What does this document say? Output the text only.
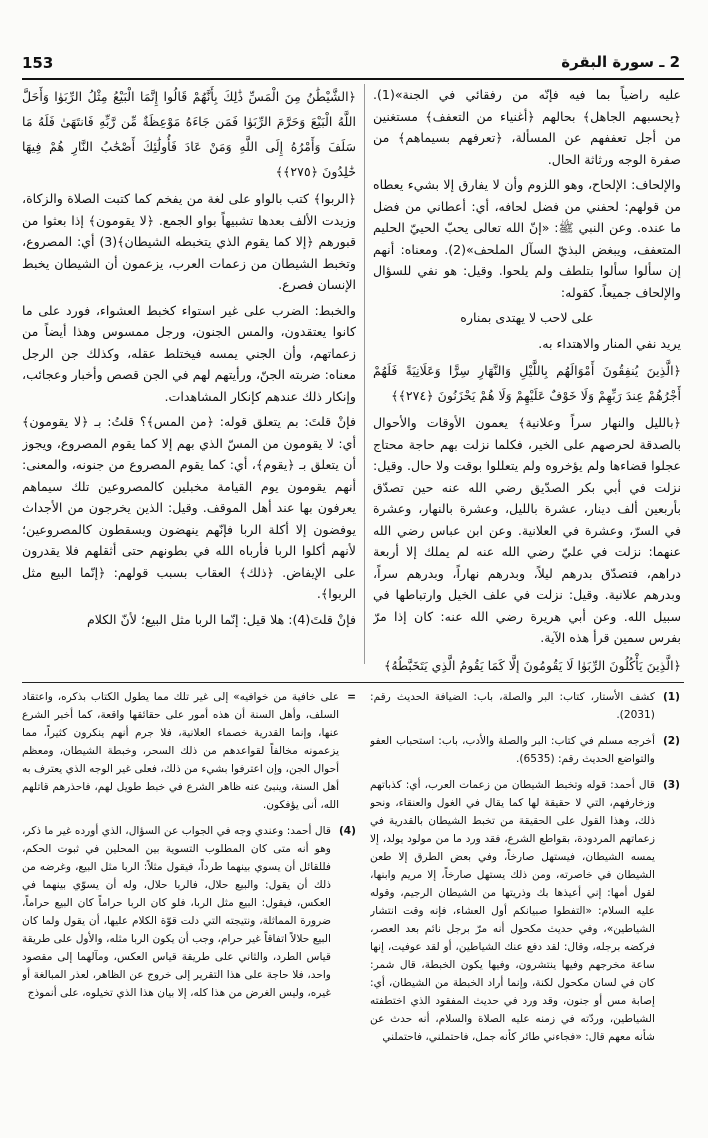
153	2 ـ سورة البقرة

عليه راضياً بما فيه فإنّه من رفقائي في الجنة»(1). ﴿يحسبهم الجاهل﴾ بحالهم ﴿أغنياء من التعفف﴾ مستغنين من أجل تعففهم عن المسألة، ﴿تعرفهم بسيماهم﴾ من صفرة الوجه ورثاثة الحال.

والإلحاف: الإلحاح، وهو اللزوم وأن لا يفارق إلا بشيء يعطاه من قولهم: لحفني من فضل لحافه، أي: أعطاني من فضل ما عنده. وعن النبي ﷺ: «إنّ الله تعالى يحبّ الحييّ الحليم المتعفف، ويبغض البذيّ السآل الملحف»(2). ومعناه: أنهم إن سألوا سألوا بتلطف ولم يلحوا. وقيل: هو نفي للسؤال والإلحاف جميعاً. كقوله:

على لاحب لا يهتدى بمناره

يريد نفي المنار والاهتداء به.

﴿الَّذِينَ يُنفِقُونَ أَمْوَالَهُم بِاللَّيْلِ وَالنَّهَارِ سِرًّا وَعَلَانِيَةً فَلَهُمْ أَجْرُهُمْ عِندَ رَبِّهِمْ وَلَا خَوْفٌ عَلَيْهِمْ وَلَا هُمْ يَحْزَنُونَ ﴿٢٧٤﴾﴾

﴿بالليل والنهار سراً وعلانية﴾ يعمون الأوقات والأحوال بالصدقة لحرصهم على الخير، فكلما نزلت بهم حاجة محتاج عجلوا قضاءها ولم يؤخروه ولم يتعللوا بوقت ولا حال. وقيل: نزلت في أبي بكر الصدّيق رضي الله عنه حين تصدّق بأربعين ألف دينار، عشرة بالليل، وعشرة بالنهار، وعشرة في السرّ، وعشرة في العلانية. وعن ابن عباس رضي الله عنهما: نزلت في عليّ رضي الله عنه لم يملك إلا أربعة دراهم، فتصدّق بدرهم ليلاً، وبدرهم نهاراً، وبدرهم سراً، وبدرهم علانية. وقيل: نزلت في علف الخيل وارتباطها في سبيل الله. وعن أبي هريرة رضي الله عنه: كان إذا مرّ بفرس سمين قرأ هذه الآية.

﴿الَّذِينَ يَأْكُلُونَ الرِّبَوٰا لَا يَقُومُونَ إِلَّا كَمَا يَقُومُ الَّذِي يَتَخَبَّطُهُ﴾

﴿الشَّيْطَٰنُ مِنَ الْمَسِّ ذَٰلِكَ بِأَنَّهُمْ قَالُوا إِنَّمَا الْبَيْعُ مِثْلُ الرِّبَوٰا وَأَحَلَّ اللَّهُ الْبَيْعَ وَحَرَّمَ الرِّبَوٰا فَمَن جَاءَهُ مَوْعِظَةٌ مِّن رَّبِّهِ فَانتَهَىٰ فَلَهُ مَا سَلَفَ وَأَمْرُهُ إِلَى اللَّهِ وَمَنْ عَادَ فَأُولَٰئِكَ أَصْحَٰبُ النَّارِ هُمْ فِيهَا خَٰلِدُونَ ﴿٢٧٥﴾﴾

﴿الربوا﴾ كتب بالواو على لغة من يفخم كما كتبت الصلاة والزكاة، وزيدت الألف بعدها تشبيهاً بواو الجمع. ﴿لا يقومون﴾ إذا بعثوا من قبورهم ﴿إلا كما يقوم الذي يتخبطه الشيطان﴾(3) أي: المصروع، وتخبط الشيطان من زعمات العرب، يزعمون أن الشيطان يخبط الإنسان فصرع.

والخبط: الضرب على غير استواء كخبط العشواء، فورد على ما كانوا يعتقدون، والمس الجنون، ورجل ممسوس وهذا أيضاً من زعماتهم، وأن الجني يمسه فيختلط عقله، وكذلك جن الرجل معناه: ضربته الجنّ، ورأيتهم لهم في الجن قصص وأخبار وعجائب، وإنكار ذلك عندهم كإنكار المشاهدات.

فإنْ قلتَ: بم يتعلق قوله: ﴿من المس﴾؟ قلتُ: بـ ﴿لا يقومون﴾ أي: لا يقومون من المسّ الذي بهم إلا كما يقوم المصروع، ويجوز أن يتعلق بـ ﴿يقوم﴾، أي: كما يقوم المصروع من جنونه، والمعنى: أنهم يقومون يوم القيامة مخبلين كالمصروعين تلك سيماهم يعرفون بها عند أهل الموقف. وقيل: الذين يخرجون من الأجداث يوفضون إلا أكلة الربا فإنّهم ينهضون ويسقطون كالمصروعين؛ لأنهم أكلوا الربا فأرباه الله في بطونهم حتى أثقلهم فلا يقدرون على الإيفاض. ﴿ذلك﴾ العقاب بسبب قولهم: ﴿إنّما البيع مثل الربوا﴾.

فإنْ قلتَ(4): هلا قيل: إنّما الربا مثل البيع؛ لأنّ الكلام

(1)
كشف الأستار، كتاب: البر والصلة، باب: الضيافة الحديث رقم: (2031).
(2)
أخرجه مسلم في كتاب: البر والصلة والأدب، باب: استحباب العفو والتواضع الحديث رقم: (6535).
(3)
قال أحمد: قوله وتخبط الشيطان من زعمات العرب، أي: كذباتهم وزخارفهم، التي لا حقيقة لها كما يقال في الغول والعنقاء، ونحو ذلك، وهذا القول على الحقيقة من تخبط الشيطان بالقدرية في زعماتهم المردودة، بقواطع الشرع، فقد ورد ما من مولود يولد، إلا يمسه الشيطان، فيستهل صارخاً، وفي بعض الطرق إلا طعن الشيطان في خاصرته، ومن ذلك يستهل صارخاً، إلا مريم وابنها، لقول أمها: إني أعيذها بك وذريتها من الشيطان الرجيم، وقوله عليه السلام: «التفطوا صبيانكم أول العشاء، فإنه وقت انتشار الشياطين»، وفي حديث مكحول أنه مرّ برجل نائم بعد العصر، فركضه برجله، وقال: لقد دفع عنك الشياطين، أو لقد عوفيت، إنها ساعة مخرجهم وفيها ينتشرون، وفيها يكون الخبطة، قال شمر: كان في لسان مكحول لكنة، وإنما أراد الخبطة من الشيطان، أي: إصابة مس أو جنون، وقد ورد في حديث المفقود الذي اختطفته الشياطين، وردّته في زمنه عليه الصلاة والسلام، أنه حدث عن شأنه معهم قال: «فجاءني طائر كأنه جمل، فاحتملني، فاحتملني
=
على خافية من خوافيه» إلى غير تلك مما يطول الكتاب بذكره، واعتقاد السلف، وأهل السنة أن هذه أمور على حقائقها واقعة، كما أخبر الشرع عنها، وإنما القدرية خصماء العلانية، فلا جرم أنهم ينكرون كثيراً، مما يزعمونه مخالفاً لقواعدهم من ذلك السحر، وخبطة الشيطان، ومعظم أحوال الجن، وإن اعترفوا بشيء من ذلك، فعلى غير الوجه الذي يعترف به أهل السنة، وينبئ عنه ظاهر الشرع في خبط طويل لهم، فاحذرهم قاتلهم الله، أنى يؤفكون.
(4)
قال أحمد: وعندي وجه في الجواب عن السؤال، الذي أورده غير ما ذكر، وهو أنه متى كان المطلوب التسوية بين المحلين في ثبوت الحكم، فللقائل أن يسوي بينهما طرداً، فيقول مثلاً: الربا مثل البيع، وغرضه من ذلك أن يقول: والبيع حلال، فالربا حلال، وله أن يسوّي بينهما في العكس، فيقول: البيع مثل الربا، فلو كان الربا حراماً كان البيع حراماً، ضرورة المماثلة، ونتيجته التي دلت قوّة الكلام عليها، أن يقول ولما كان البيع حلالاً اتفاقاً غير حرام، وجب أن يكون الربا مثله، والأول على طريقة قياس الطرد، والثاني على طريقة قياس العكس، ومآلهما إلى مقصود واحد، فلا حاجة على هذا التقرير إلى خروج عن الظاهر، لعذر المبالغة أو غيره، وليس الغرض من هذا كله، إلا بيان هذا الذي تخيلوه، على أنموذج
